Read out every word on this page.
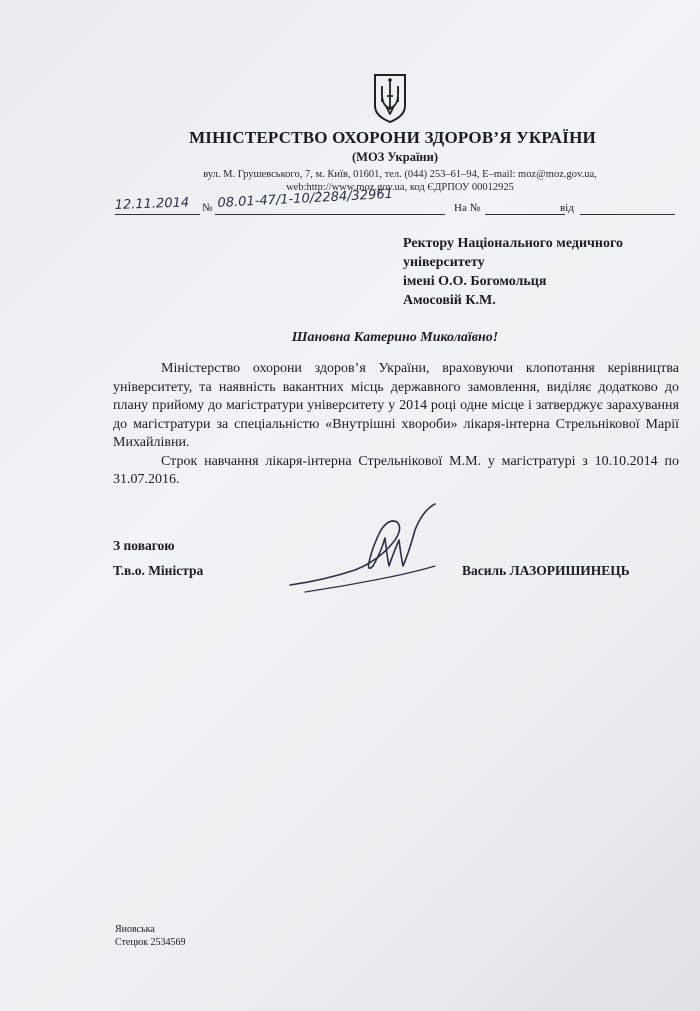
МІНІСТЕРСТВО ОХОРОНИ ЗДОРОВ’Я УКРАЇНИ
(МОЗ України)
вул. М. Грушевського, 7, м. Київ, 01601, тел. (044) 253–61–94, E–mail: moz@moz.gov.ua,
web:http://www.moz.gov.ua, код ЄДРПОУ 00012925
12.11.2014 № 08.01-47/1-10/2284/32961	На №	від
Ректору Національного медичного
університету
імені О.О. Богомольця
Амосовій К.М.
Шановна Катерино Миколаївно!

Міністерство охорони здоров’я України, враховуючи клопотання керівництва університету, та наявність вакантних місць державного замовлення, виділяє додатково до плану прийому до магістратури університету у 2014 році одне місце і затверджує зарахування до магістратури за спеціальністю «Внутрішні хвороби» лікаря-інтерна Стрельнікової Марії Михайлівни.

Строк навчання лікаря-інтерна Стрельнікової М.М. у магістратурі з 10.10.2014 по 31.07.2016.

З повагою
Т.в.о. Міністра	Василь ЛАЗОРИШИНЕЦЬ
Яновська
Стецюк 2534569
